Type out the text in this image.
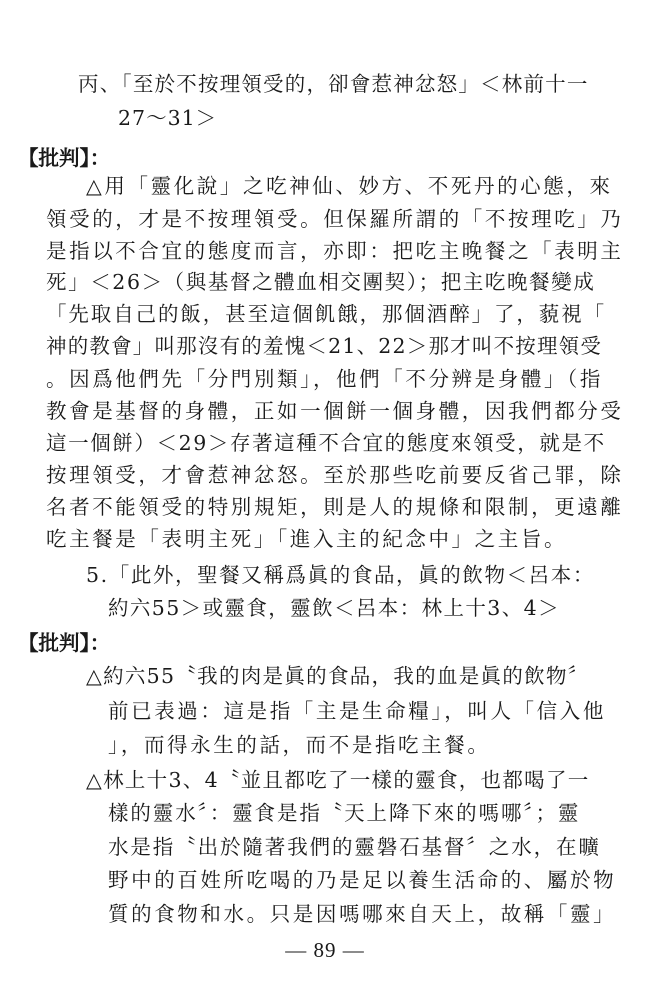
丙、「至於不按理領受的，卻會惹神忿怒」＜林前十一
27～31＞
【批判】：
△用「靈化說」之吃神仙、妙方、不死丹的心態，來
領受的，才是不按理領受。但保羅所謂的「不按理吃」乃
是指以不合宜的態度而言，亦即：把吃主晚餐之「表明主
死」＜26＞（與基督之體血相交團契）；把主吃晚餐變成
「先取自己的飯，甚至這個飢餓，那個酒醉」了，藐視「
神的教會」叫那沒有的羞愧＜21、22＞那才叫不按理領受
。因爲他們先「分門別類」，他們「不分辨是身體」（指
教會是基督的身體，正如一個餅一個身體，因我們都分受
這一個餅）＜29＞存著這種不合宜的態度來領受，就是不
按理領受，才會惹神忿怒。至於那些吃前要反省己罪，除
名者不能領受的特別規矩，則是人的規條和限制，更遠離
吃主餐是「表明主死」「進入主的紀念中」之主旨。
5.「此外，聖餐又稱爲眞的食品，眞的飲物＜呂本：
約六55＞或靈食，靈飲＜呂本：林上十3、4＞
【批判】：
△約六55〝我的肉是眞的食品，我的血是眞的飲物〞
前已表過：這是指「主是生命糧」，叫人「信入他
」，而得永生的話，而不是指吃主餐。
△林上十3、4〝並且都吃了一樣的靈食，也都喝了一
樣的靈水〞：靈食是指〝天上降下來的嗎哪〞；靈
水是指〝出於隨著我們的靈磐石基督〞之水，在曠
野中的百姓所吃喝的乃是足以養生活命的、屬於物
質的食物和水。只是因嗎哪來自天上，故稱「靈」
— 89 —
